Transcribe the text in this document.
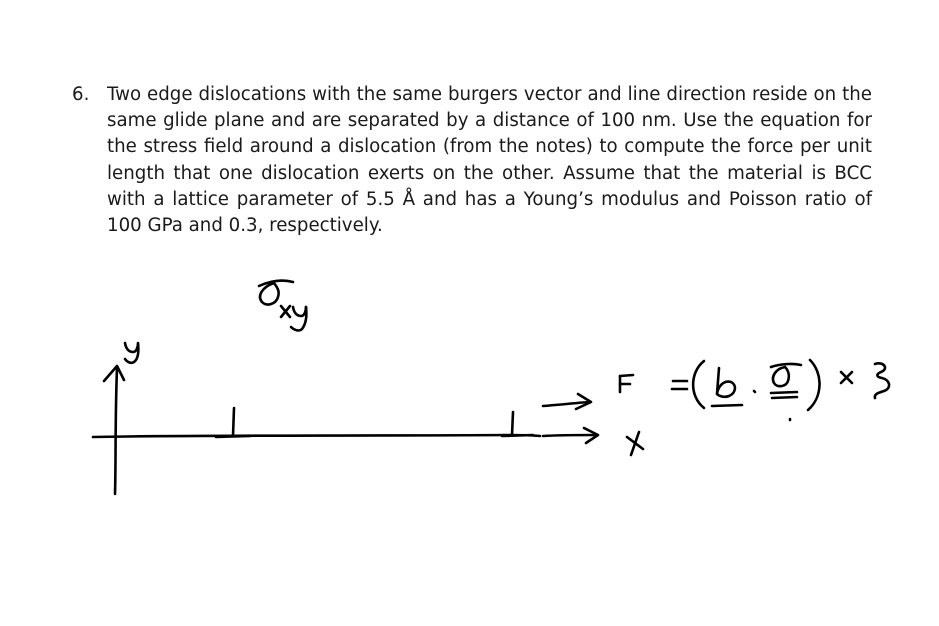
6. Two edge dislocations with the same burgers vector and line direction reside on the same glide plane and are separated by a distance of 100 nm. Use the equation for the stress field around a dislocation (from the notes) to compute the force per unit length that one dislocation exerts on the other. Assume that the material is BCC with a lattice parameter of 5.5 Å and has a Young’s modulus and Poisson ratio of 100 GPa and 0.3, respectively.
